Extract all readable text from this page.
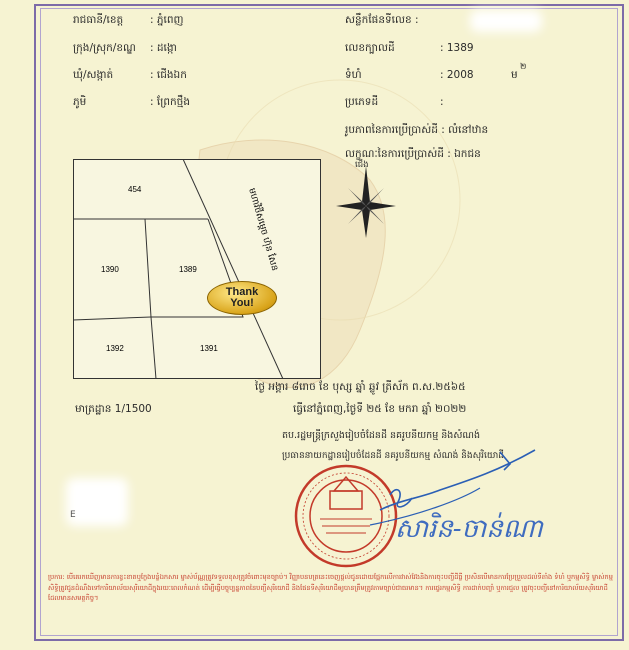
រាជធានី/ខេត្ត	: ភ្នំពេញ
ក្រុង/ស្រុក/ខណ្ឌ : ដង្កោ
ឃុំ/សង្កាត់	: ជើងឯក
ភូមិ	: ព្រែកថ្មឹង
សន្លឹកផែនទីលេខ :
លេខក្បាលដី	: 1389
ទំហំ	: 2008	ម
២
ប្រភេទដី	:
រូបភាពនៃការប្រើប្រាស់ដី : លំនៅឋាន
លក្ខណៈនៃការប្រើប្រាស់ដី : ឯកជន
454
1390	1389
1392	1391
មហាវិថីសម្តេច ហ៊ុន សែន
Thank
You!
ជើង
មាត្រដ្ឋាន 1/1500
ថ្ងៃ អង្គារ ៨រោច ខែ បុស្ស ឆ្នាំ ឆ្លូវ ត្រីស័ក ព.ស.២៥៦៥
ធ្វើនៅភ្នំពេញ,ថ្ងៃទី ២៥ ខែ មករា ឆ្នាំ ២០២២
តប.រដ្ឋមន្ត្រីក្រសួងរៀបចំដែនដី នគរូបនីយកម្ម និងសំណង់
ប្រធាននាយកដ្ឋានរៀបចំដែនដី នគរូបនីយកម្ម សំណង់ និងសុរិយោដី
E	សារិន-ចាន់ណា
ប្រការ: បើគេរកឃើញមានការខ្វះខាតឬក្លែងបន្លំឯកសារ ម្ចាស់ប័ណ្ណត្រូវទទួលខុសត្រូវចំពោះមុខច្បាប់។ វិញ្ញាបនបត្រនេះចេញផ្តល់ជូនដោយផ្អែកលើការវាស់វែងនិងការចុះបញ្ជីដីធ្លី ប្រសិនបើមានការប្រែប្រួលដល់ទីតាំង ទំហំ ឬកម្មសិទ្ធិ ម្ចាស់កម្មសិទ្ធិត្រូវជូនដំណឹងទៅការិយាល័យសុរិយោដីក្នុងរយៈពេលកំណត់ ដើម្បីធ្វើបច្ចុប្បន្នភាពនៃបញ្ជីសុរិយោដី និងផែនទីសុរិយោដីឲ្យបានត្រឹមត្រូវតាមច្បាប់ជាធរមាន។ ការផ្ទេរកម្មសិទ្ធិ ការដាក់បញ្ចាំ ឬការជួល ត្រូវចុះបញ្ជីនៅការិយាល័យសុរិយោដីដែលមានសមត្ថកិច្ច។
